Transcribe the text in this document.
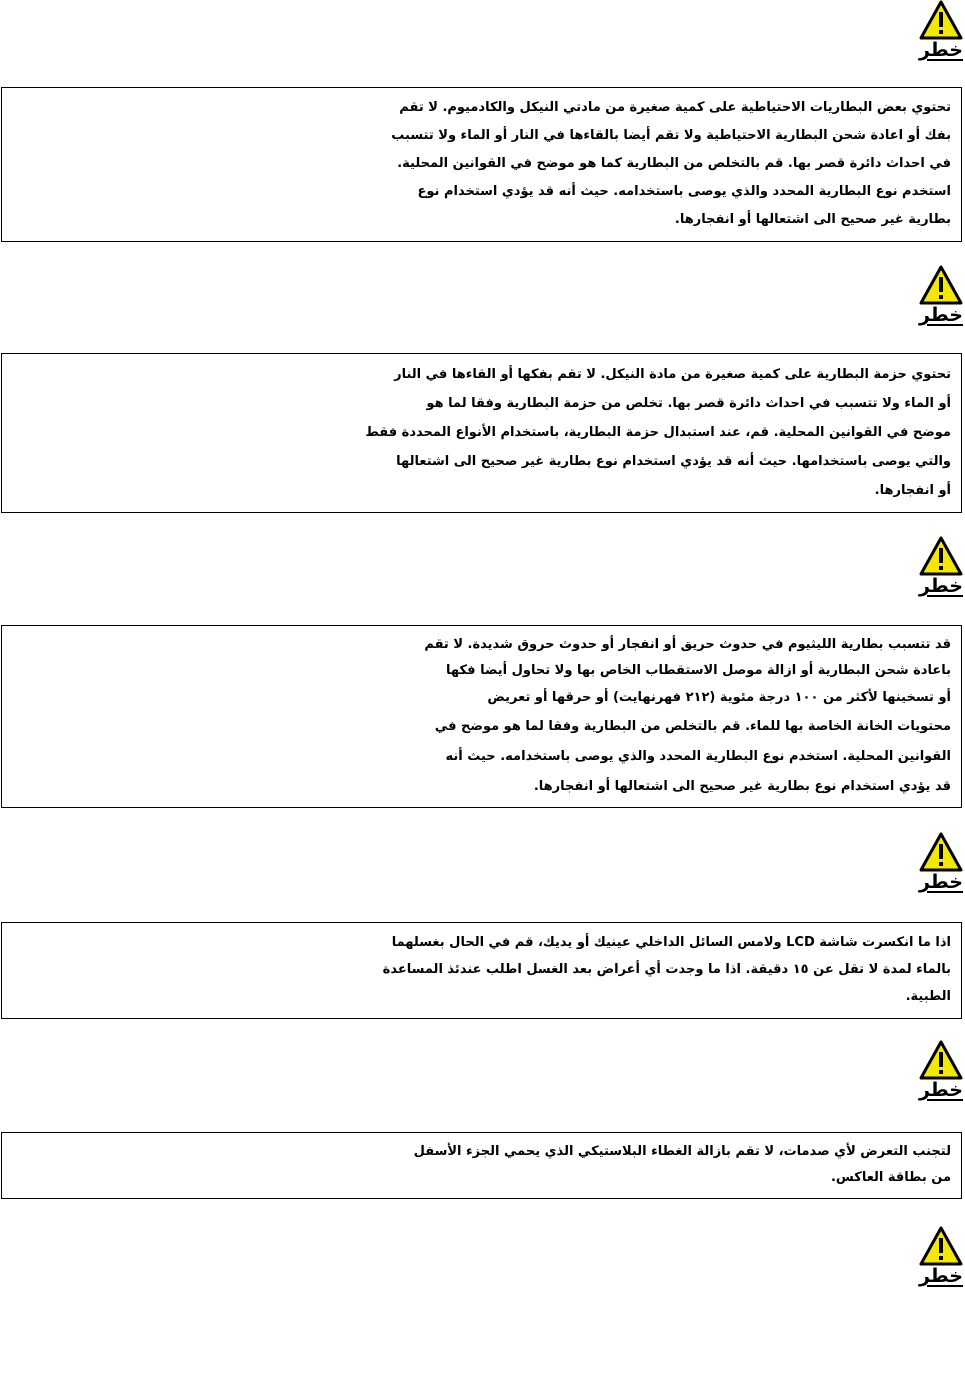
خطر
تحتوي بعض البطاريات الاحتياطية على كمية صغيرة من مادتي النيكل والكادميوم. لا تقم
بفك أو اعادة شحن البطارية الاحتياطية ولا تقم أيضا بالقاءها في النار أو الماء ولا تتسبب
في احداث دائرة قصر بها. قم بالتخلص من البطارية كما هو موضح في القوانين المحلية.
استخدم نوع البطارية المحدد والذي يوصى باستخدامه. حيث أنه قد يؤدي استخدام نوع
بطارية غير صحيح الى اشتعالها أو انفجارها.
خطر
تحتوي حزمة البطارية على كمية صغيرة من مادة النيكل. لا تقم بفكها أو القاءها في النار
أو الماء ولا تتسبب في احداث دائرة قصر بها. تخلص من حزمة البطارية وفقا لما هو
موضح في القوانين المحلية. قم، عند استبدال حزمة البطارية، باستخدام الأنواع المحددة فقط
والتي يوصى باستخدامها. حيث أنه قد يؤدي استخدام نوع بطارية غير صحيح الى اشتعالها
أو انفجارها.
خطر
قد تتسبب بطارية الليثيوم في حدوث حريق أو انفجار أو حدوث حروق شديدة. لا تقم
باعادة شحن البطارية أو ازالة موصل الاستقطاب الخاص بها ولا تحاول أيضا فكها
أو تسخينها لأكثر من ١٠٠ درجة مئوية (٢١٢ فهرنهايت) أو حرقها أو تعريض
محتويات الخانة الخاصة بها للماء. قم بالتخلص من البطارية وفقا لما هو موضح في
القوانين المحلية. استخدم نوع البطارية المحدد والذي يوصى باستخدامه. حيث أنه
قد يؤدي استخدام نوع بطارية غير صحيح الى اشتعالها أو انفجارها.
خطر
اذا ما انكسرت شاشة LCD ولامس السائل الداخلي عينيك أو يديك، قم في الحال بغسلهما
بالماء لمدة لا تقل عن ١٥ دقيقة. اذا ما وجدت أي أعراض بعد الغسل اطلب عندئذ المساعدة
الطبية.
خطر
لتجنب التعرض لأي صدمات، لا تقم بازالة الغطاء البلاستيكي الذي يحمي الجزء الأسفل
من بطاقة العاكس.
خطر
